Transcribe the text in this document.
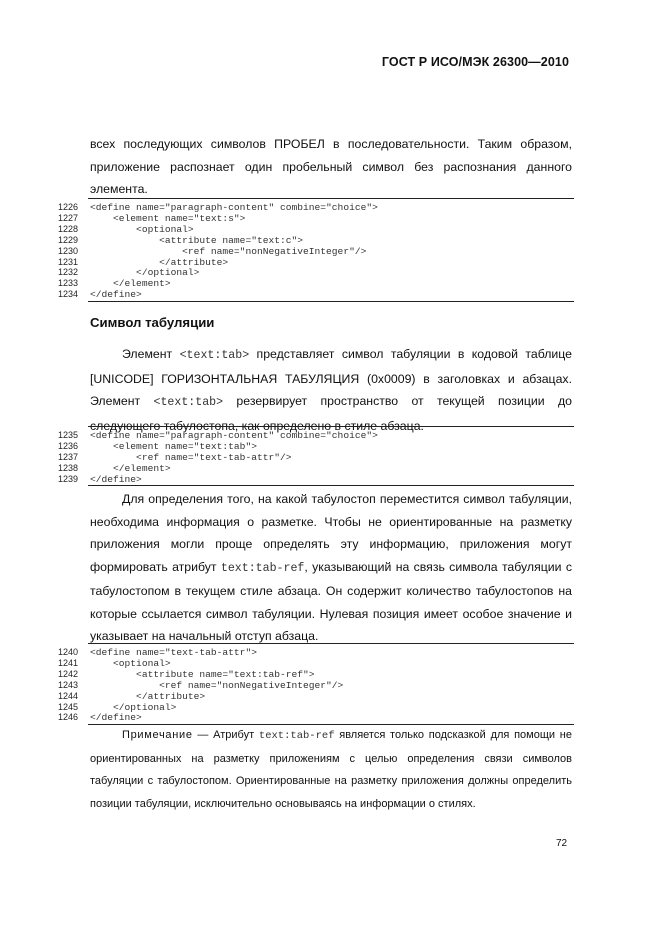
ГОСТ Р ИСО/МЭК 26300—2010

всех последующих символов ПРОБЕЛ в последовательности. Таким образом, приложение распознает один пробельный символ без распознания данного элемента.

1226 <define name="paragraph-content" combine="choice">
1227 <element name="text:s">
1228 <optional>
1229 <attribute name="text:c">
1230 <ref name="nonNegativeInteger"/>
1231 </attribute>
1232 </optional>
1233 </element>
1234 </define>
Символ табуляции

Элемент <text:tab> представляет символ табуляции в кодовой таблице [UNICODE] ГОРИЗОНТАЛЬНАЯ ТАБУЛЯЦИЯ (0x0009) в заголовках и абзацах. Элемент <text:tab> резервирует пространство от текущей позиции до следующего табулостопа, как определено в стиле абзаца.

1235 <define name="paragraph-content" combine="choice">
1236 <element name="text:tab">
1237 <ref name="text-tab-attr"/>
1238 </element>
1239 </define>

Для определения того, на какой табулостоп переместится символ табуляции, необходима информация о разметке. Чтобы не ориентированные на разметку приложения могли проще определять эту информацию, приложения могут формировать атрибут text:tab-ref, указывающий на связь символа табуляции с табулостопом в текущем стиле абзаца. Он содержит количество табулостопов на которые ссылается символ табуляции. Нулевая позиция имеет особое значение и указывает на начальный отступ абзаца.

1240 <define name="text-tab-attr">
1241 <optional>
1242 <attribute name="text:tab-ref">
1243 <ref name="nonNegativeInteger"/>
1244 </attribute>
1245 </optional>
1246 </define>
Примечание — Атрибут text:tab-ref является только подсказкой для помощи не ориентированных на разметку приложениям с целью определения связи символов табуляции с табулостопом. Ориентированные на разметку приложения должны определить позиции табуляции, исключительно основываясь на информации о стилях.
72
